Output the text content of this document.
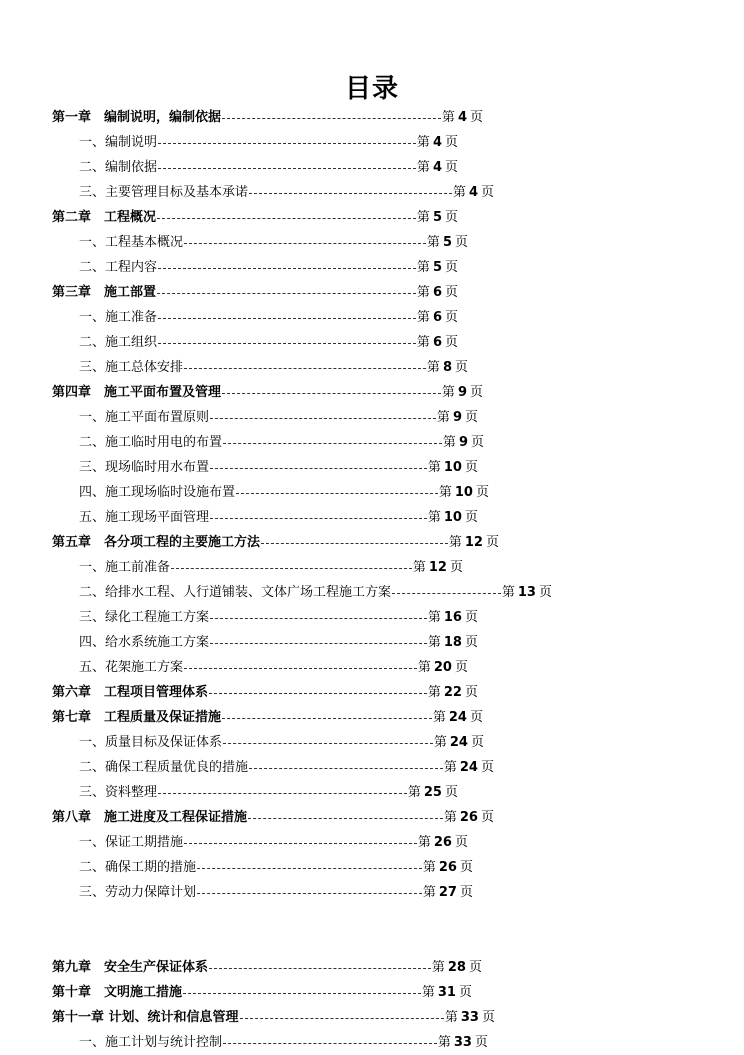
目录
第一章　编制说明，编制依据	第 4 页
一、编制说明	第 4 页
二、编制依据	第 4 页
三、主要管理目标及基本承诺	第 4 页
第二章　工程概况	第 5 页
一、工程基本概况	第 5 页
二、工程内容	第 5 页
第三章　施工部置	第 6 页
一、施工准备	第 6 页
二、施工组织	第 6 页
三、施工总体安排	第 8 页
第四章　施工平面布置及管理	第 9 页
一、施工平面布置原则	第 9 页
二、施工临时用电的布置	第 9 页
三、现场临时用水布置	第 10 页
四、施工现场临时设施布置	第 10 页
五、施工现场平面管理	第 10 页
第五章　各分项工程的主要施工方法	第 12 页
一、施工前准备	第 12 页
二、给排水工程、人行道铺装、文体广场工程施工方案	第 13 页
三、绿化工程施工方案	第 16 页
四、给水系统施工方案	第 18 页
五、花架施工方案	第 20 页
第六章　工程项目管理体系	第 22 页
第七章　工程质量及保证措施	第 24 页
一、质量目标及保证体系	第 24 页
二、确保工程质量优良的措施	第 24 页
三、资料整理	第 25 页
第八章　施工进度及工程保证措施	第 26 页
一、保证工期措施	第 26 页
二、确保工期的措施	第 26 页
三、劳动力保障计划	第 27 页
第九章　安全生产保证体系	第 28 页
第十章　文明施工措施	第 31 页
第十一章 计划、统计和信息管理	第 33 页
一、施工计划与统计控制	第 33 页
